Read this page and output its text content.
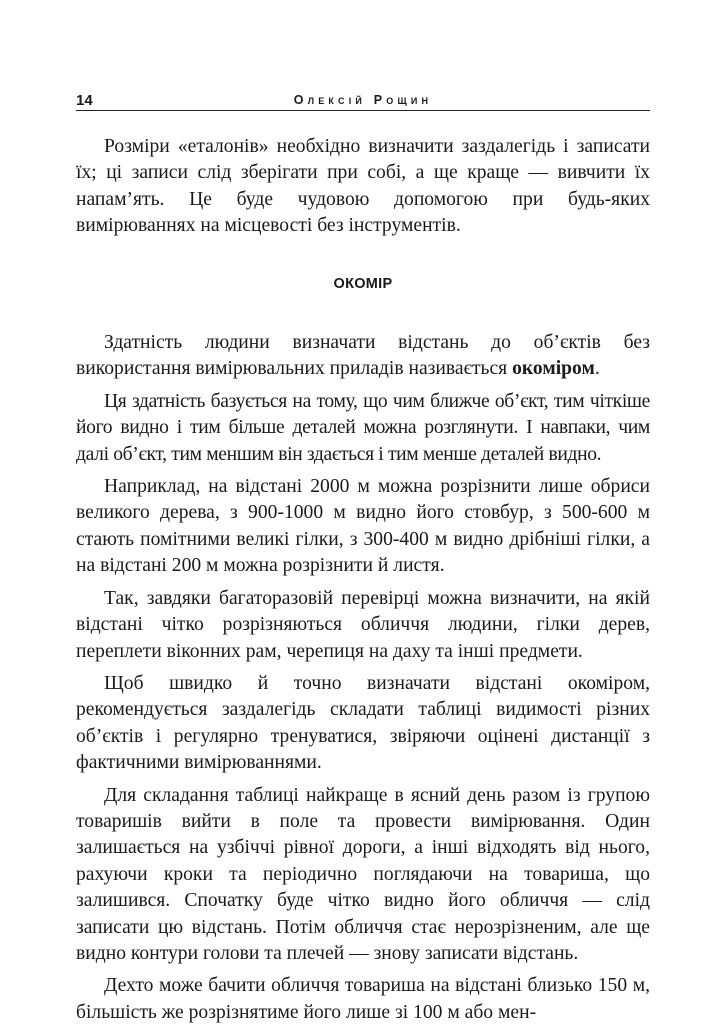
14	Олексій Рощин

Розміри «еталонів» необхідно визначити заздалегідь і записати їх; ці записи слід зберігати при собі, а ще краще — вивчити їх напам’ять. Це буде чудовою допомогою при будь-яких вимірюваннях на місцевості без інструментів.

ОКОМІР

Здатність людини визначати відстань до об’єктів без використання вимірювальних приладів називається окоміром.

Ця здатність базується на тому, що чим ближче об’єкт, тим чіткіше його видно і тим більше деталей можна розглянути. І навпаки, чим далі об’єкт, тим меншим він здається і тим менше деталей видно.

Наприклад, на відстані 2000 м можна розрізнити лише обриси великого дерева, з 900-1000 м видно його стовбур, з 500-600 м стають помітними великі гілки, з 300-400 м видно дрібніші гілки, а на відстані 200 м можна розрізнити й листя.

Так, завдяки багаторазовій перевірці можна визначити, на якій відстані чітко розрізняються обличчя людини, гілки дерев, переплети віконних рам, черепиця на даху та інші предмети.

Щоб швидко й точно визначати відстані окоміром, рекомендується заздалегідь складати таблиці видимості різних об’єктів і регулярно тренуватися, звіряючи оцінені дистанції з фактичними вимірюваннями.

Для складання таблиці найкраще в ясний день разом із групою товаришів вийти в поле та провести вимірювання. Один залишається на узбіччі рівної дороги, а інші відходять від нього, рахуючи кроки та періодично поглядаючи на товариша, що залишився. Спочатку буде чітко видно його обличчя — слід записати цю відстань. Потім обличчя стає нерозрізненим, але ще видно контури голови та плечей — знову записати відстань.

Дехто може бачити обличчя товариша на відстані близько 150 м, більшість же розрізнятиме його лише зі 100 м або мен-
